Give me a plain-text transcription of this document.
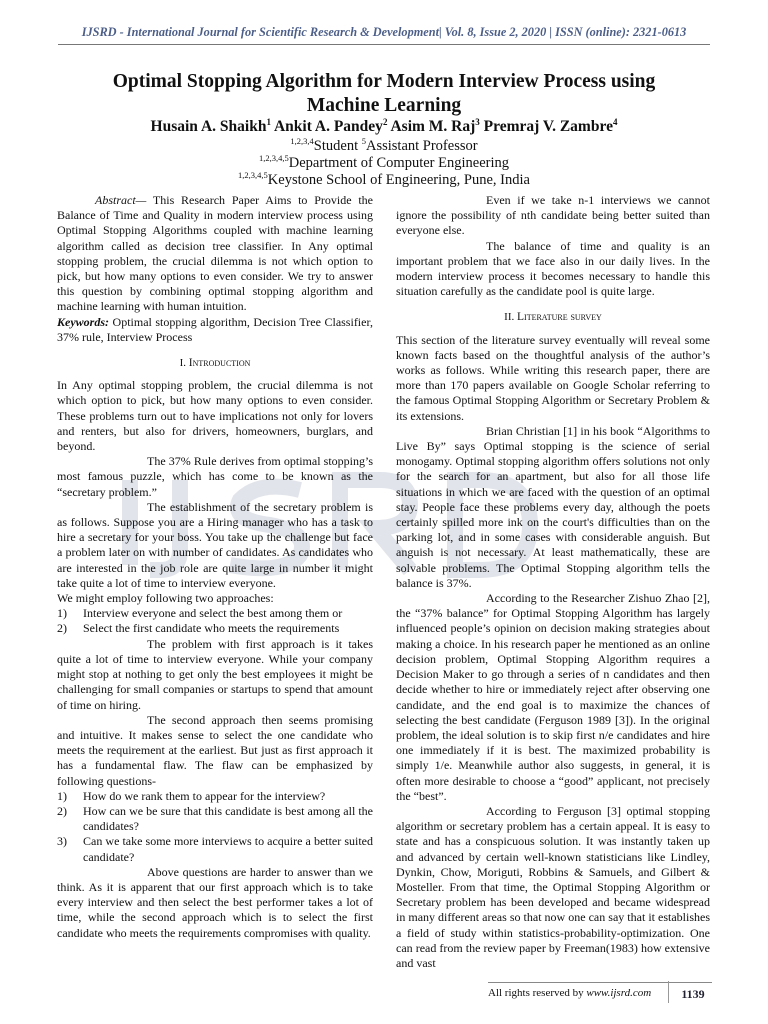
IJSRD - International Journal for Scientific Research & Development| Vol. 8, Issue 2, 2020 | ISSN (online): 2321-0613
Optimal Stopping Algorithm for Modern Interview Process using
Machine Learning
Husain A. Shaikh$^1$ Ankit A. Pandey$^2$ Asim M. Raj$^3$ Premraj V. Zambre$^4$
$^{1,2,3,4}$Student $^5$Assistant Professor
$^{1,2,3,4,5}$Department of Computer Engineering
$^{1,2,3,4,5}$Keystone School of Engineering, Pune, India

Abstract— This Research Paper Aims to Provide the Balance of Time and Quality in modern interview process using Optimal Stopping Algorithms coupled with machine learning algorithm called as decision tree classifier. In Any optimal stopping problem, the crucial dilemma is not which option to pick, but how many options to even consider. We try to answer this question by combining optimal stopping algorithm and machine learning with human intuition.

Keywords: Optimal stopping algorithm, Decision Tree Classifier, 37% rule, Interview Process

I. Introduction

In Any optimal stopping problem, the crucial dilemma is not which option to pick, but how many options to even consider. These problems turn out to have implications not only for lovers and renters, but also for drivers, homeowners, burglars, and beyond.

The 37% Rule derives from optimal stopping’s most famous puzzle, which has come to be known as the “secretary problem.”

The establishment of the secretary problem is as follows. Suppose you are a Hiring manager who has a task to hire a secretary for your boss. You take up the challenge but face a problem later on with number of candidates. As candidates who are interested in the job role are quite large in number it might take quite a lot of time to interview everyone.

We might employ following two approaches:

1) Interview everyone and select the best among them or
2) Select the first candidate who meets the requirements

The problem with first approach is it takes quite a lot of time to interview everyone. While your company might stop at nothing to get only the best employees it might be challenging for small companies or startups to spend that amount of time on hiring.

The second approach then seems promising and intuitive. It makes sense to select the one candidate who meets the requirement at the earliest. But just as first approach it has a fundamental flaw. The flaw can be emphasized by following questions-

1) How do we rank them to appear for the interview?
2) How can we be sure that this candidate is best among all the candidates?
3) Can we take some more interviews to acquire a better suited candidate?

Above questions are harder to answer than we think. As it is apparent that our first approach which is to take every interview and then select the best performer takes a lot of time, while the second approach which is to select the first candidate who meets the requirements compromises with quality.

Even if we take n-1 interviews we cannot ignore the possibility of nth candidate being better suited than everyone else.

The balance of time and quality is an important problem that we face also in our daily lives. In the modern interview process it becomes necessary to handle this situation carefully as the candidate pool is quite large.

II. Literature survey

This section of the literature survey eventually will reveal some known facts based on the thoughtful analysis of the author’s works as follows. While writing this research paper, there are more than 170 papers available on Google Scholar referring to the famous Optimal Stopping Algorithm or Secretary Problem & its extensions.

Brian Christian [1] in his book “Algorithms to Live By” says Optimal stopping is the science of serial monogamy. Optimal stopping algorithm offers solutions not only for the search for an apartment, but also for all those life situations in which we are faced with the question of an optimal stay. People face these problems every day, although the poets certainly spilled more ink on the court's difficulties than on the parking lot, and in some cases with considerable anguish. But anguish is not necessary. At least mathematically, these are solvable problems. The Optimal Stopping algorithm tells the balance is 37%.

According to the Researcher Zishuo Zhao [2], the “37% balance” for Optimal Stopping Algorithm has largely influenced people’s opinion on decision making strategies about making a choice. In his research paper he mentioned as an online decision problem, Optimal Stopping Algorithm requires a Decision Maker to go through a series of n candidates and then decide whether to hire or immediately reject after observing one candidate, and the end goal is to maximize the chances of selecting the best candidate (Ferguson 1989 [3]). In the original problem, the ideal solution is to skip first n/e candidates and hire one immediately if it is best. The maximized probability is simply 1/e. Meanwhile author also suggests, in general, it is often more desirable to choose a “good” applicant, not precisely the “best”.

According to Ferguson [3] optimal stopping algorithm or secretary problem has a certain appeal. It is easy to state and has a conspicuous solution. It was instantly taken up and advanced by certain well-known statisticians like Lindley, Dynkin, Chow, Moriguti, Robbins & Samuels, and Gilbert & Mosteller. From that time, the Optimal Stopping Algorithm or Secretary problem has been developed and became widespread in many different areas so that now one can say that it establishes a field of study within statistics-probability-optimization. One can read from the review paper by Freeman(1983) how extensive and vast

All rights reserved by www.ijsrd.com	1139
